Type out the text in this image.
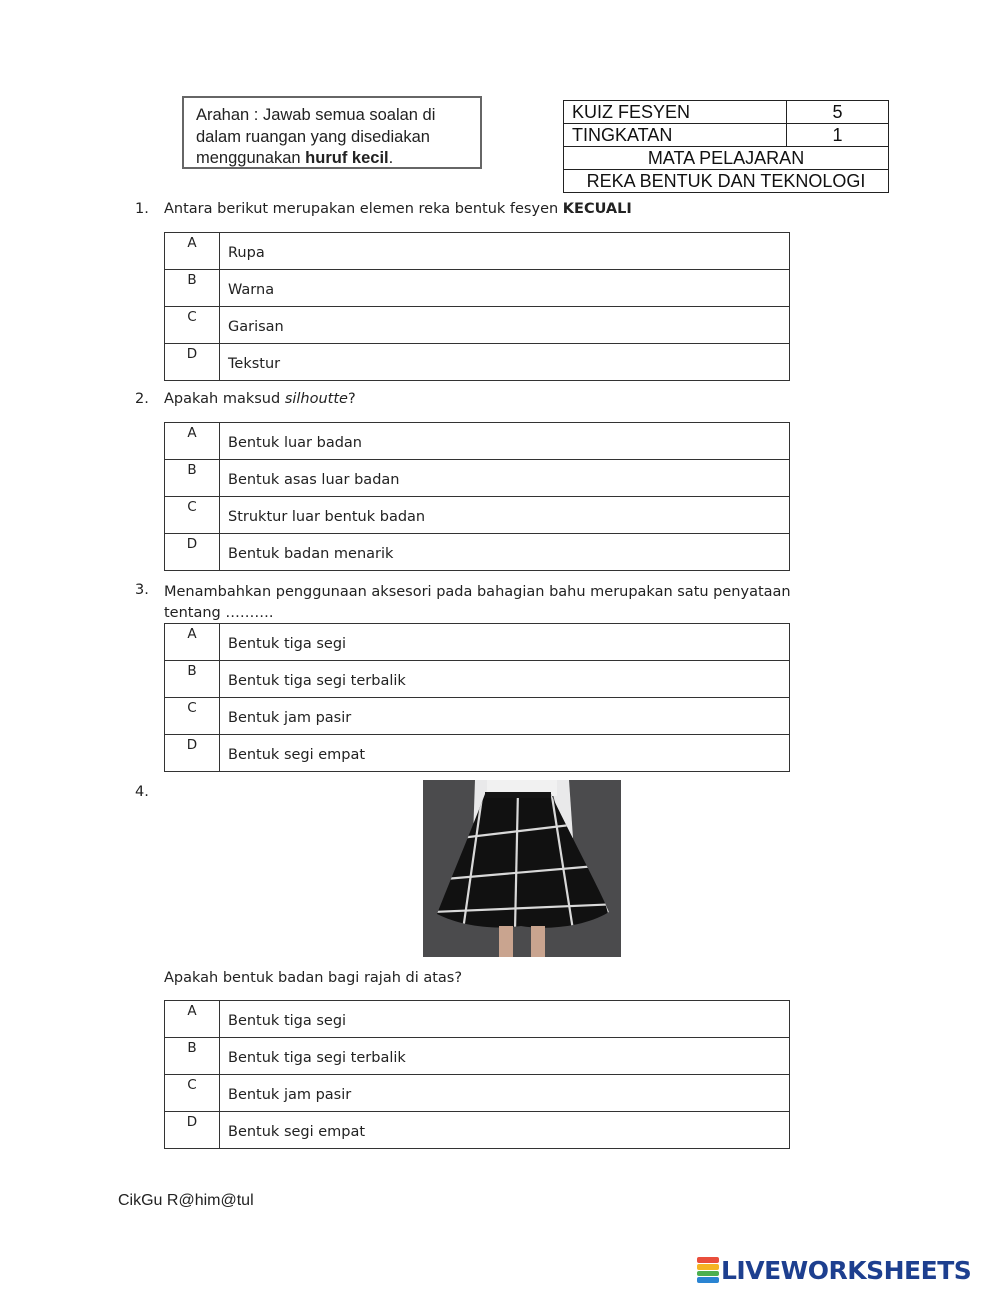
Arahan : Jawab semua soalan di dalam ruangan yang disediakan menggunakan huruf kecil.
KUIZ FESYEN	5
TINGKATAN	1
MATA PELAJARAN	
REKA BENTUK DAN TEKNOLOGI	
1. Antara berikut merupakan elemen reka bentuk fesyen KECUALI
A	Rupa
B	Warna
C	Garisan
D	Tekstur
2. Apakah maksud silhoutte?
A	Bentuk luar badan
B	Bentuk asas luar badan
C	Struktur luar bentuk badan
D	Bentuk badan menarik
3. Menambahkan penggunaan aksesori pada bahagian bahu merupakan satu penyataan
tentang ……….
A	Bentuk tiga segi
B	Bentuk tiga segi terbalik
C	Bentuk jam pasir
D	Bentuk segi empat
4.
Apakah bentuk badan bagi rajah di atas?
A	Bentuk tiga segi
B	Bentuk tiga segi terbalik
C	Bentuk jam pasir
D	Bentuk segi empat
CikGu R@him@tul
LIVEWORKSHEETS
